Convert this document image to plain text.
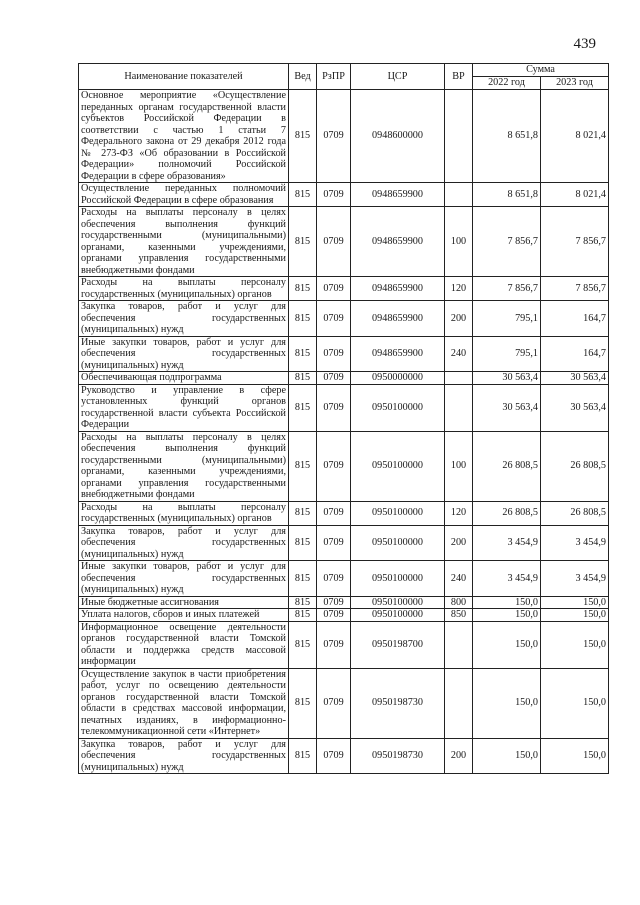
439
Наименование показателей	Вед	РзПР	ЦСР	ВР	Сумма	
					2022 год	2023 год
Основное мероприятие «Осуществление переданных органам государственной власти субъектов Российской Федерации в соответствии с частью 1 статьи 7 Федерального закона от 29 декабря 2012 года № 273-ФЗ «Об образовании в Российской Федерации» полномочий Российской Федерации в сфере образования»	815	0709	0948600000		8 651,8	8 021,4
Осуществление переданных полномочий Российской Федерации в сфере образования	815	0709	0948659900		8 651,8	8 021,4
Расходы на выплаты персоналу в целях обеспечения выполнения функций государственными (муниципальными) органами, казенными учреждениями, органами управления государственными внебюджетными фондами	815	0709	0948659900	100	7 856,7	7 856,7
Расходы на выплаты персоналу государственных (муниципальных) органов	815	0709	0948659900	120	7 856,7	7 856,7
Закупка товаров, работ и услуг для обеспечения государственных (муниципальных) нужд	815	0709	0948659900	200	795,1	164,7
Иные закупки товаров, работ и услуг для обеспечения государственных (муниципальных) нужд	815	0709	0948659900	240	795,1	164,7
Обеспечивающая подпрограмма	815	0709	0950000000		30 563,4	30 563,4
Руководство и управление в сфере установленных функций органов государственной власти субъекта Российской Федерации	815	0709	0950100000		30 563,4	30 563,4
Расходы на выплаты персоналу в целях обеспечения выполнения функций государственными (муниципальными) органами, казенными учреждениями, органами управления государственными внебюджетными фондами	815	0709	0950100000	100	26 808,5	26 808,5
Расходы на выплаты персоналу государственных (муниципальных) органов	815	0709	0950100000	120	26 808,5	26 808,5
Закупка товаров, работ и услуг для обеспечения государственных (муниципальных) нужд	815	0709	0950100000	200	3 454,9	3 454,9
Иные закупки товаров, работ и услуг для обеспечения государственных (муниципальных) нужд	815	0709	0950100000	240	3 454,9	3 454,9
Иные бюджетные ассигнования	815	0709	0950100000	800	150,0	150,0
Уплата налогов, сборов и иных платежей	815	0709	0950100000	850	150,0	150,0
Информационное освещение деятельности органов государственной власти Томской области и поддержка средств массовой информации	815	0709	0950198700		150,0	150,0
Осуществление закупок в части приобретения работ, услуг по освещению деятельности органов государственной власти Томской области в средствах массовой информации, печатных изданиях, в информационно-телекоммуникационной сети «Интернет»	815	0709	0950198730		150,0	150,0
Закупка товаров, работ и услуг для обеспечения государственных (муниципальных) нужд	815	0709	0950198730	200	150,0	150,0
